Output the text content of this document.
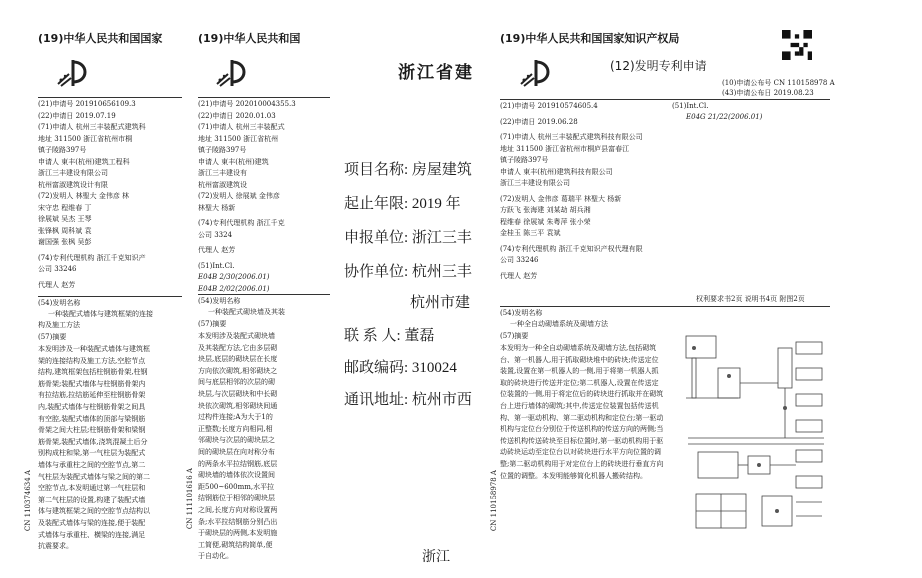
(19)中华人民共和国国家
(21)申请号 201910656109.3
(22)申请日 2019.07.19
(71)申请人 杭州三丰装配式建筑科
地址 311500 浙江省杭州市桐
镇子陵路397号
申请人 東丰(杭州)建筑工程科
浙江三丰建设有限公司
杭州富淑建筑设计有限
(72)发明人 林聖大 金伟彦 林
宋守忠 程维春 丁
徐展斌 吴杰 王琴
张锋枫 周科斌 袁
谢国强 张枫 吴彭
(74)专利代理机构 浙江千克知识产
公司 33246
代理人 赵芳
(54)发明名称
一种装配式墙体与建筑框架的连接
构及施工方法
(57)摘要

本发明涉及一种装配式墙体与建筑框架的连接结构及施工方法,空腔节点结构,建筑框架包括柱钢筋骨架,柱钢筋骨架;装配式墙体与柱钢筋骨架内有拉结筋,拉结筋延伸至柱钢筋骨架内,装配式墙体与柱钢筋骨架之间具有空腔,装配式墙体的顶部与梁钢筋骨架之间大柱层;柱钢筋骨架和梁钢筋骨架,装配式墙体,浇筑混凝土后分别构成柱和梁,第一气柱层为装配式墙体与承重柱之间的空腔节点,第二气柱层为装配式墙体与梁之间的第二空腔节点,本发明通过第一气柱层和第二气柱层的设置,构建了装配式墙体与建筑框架之间的空腔节点结构以及装配式墙体与梁的连接,便于装配式墙体与承重柱、横梁的连接,满足抗震要求。

CN 110374634 A
(19)中华人民共和国
(21)申请号 202010004355.3
(22)申请日 2020.01.03
(71)申请人 杭州三丰装配式
地址 311500 浙江省杭州
镇子陵路397号
申请人 東丰(杭州)建筑
浙江三丰建设有
杭州富淑建筑设
(72)发明人 徐展斌 金伟彦
林聖大 杨新
(74)专利代理机构 浙江千克
公司 3324
代理人 赵芳
(51)Int.Cl.
E04B 2/30(2006.01)
E04B 2/02(2006.01)
(54)发明名称
一种装配式砌块墙及其装
(57)摘要

本发明涉及装配式砌块墙及其装配方法,它由多层砌块层,底层的砌块层在长度方向依次砌筑,相邻砌块之间与底层相邻的次层的砌块层,与次层砌块和中长砌块依次砌筑,相邻砌块间通过构件连接;A为大于1的正整数;长度方向相同,相邻砌块与次层的砌块层之间的砌块层在向对称分布的两条水平拉结钢筋,底层砌块墙的墙体依次设置间距500~600mm,水平拉结钢筋位于相邻的砌块层之间,长度方向对称设置两条;水平拉结钢筋分别凸出于砌块层的两侧,本发明施工简便,砌筑结构简单,便于自动化。

CN 111101616 A
浙江省建
项目名称: 房屋建筑
起止年限: 2019 年
申报单位: 浙江三丰
协作单位: 杭州三丰
杭州市建
联 系 人: 董磊
邮政编码: 310024
通讯地址: 杭州市西
浙江
(19)中华人民共和国国家知识产权局
(12)发明专利申请
(10)申请公布号 CN 110158978 A
(43)申请公布日 2019.08.23
(21)申请号 201910574605.4
(22)申请日 2019.06.28
(71)申请人 杭州三丰装配式建筑科技有限公司
地址 311500 浙江省杭州市桐庐县富春江
镇子陵路397号
申请人 東丰(杭州)建筑科技有限公司
浙江三丰建设有限公司
(72)发明人 金伟彦 葛瑞平 林聖大 杨新
方跃飞 张海建 刘某劫 胡兵湘
程维春 徐展斌 朱粤萍 张小荣
金桂玉 陈三平 袁斌
(74)专利代理机构 浙江千克知识产权代理有限
公司 33246
代理人 赵芳
(51)Int.Cl.
E04G 21/22(2006.01)
权利要求书2页 说明书4页 附图2页
(54)发明名称
一种全自动砌墙系统及砌墙方法
(57)摘要

本发明为一种全自动砌墙系统及砌墙方法,包括砌筑台、第一机器人,用于抓取砌块堆中的砖块;传送定位装置,设置在第一机器人的一侧,用于将第一机器人抓取的砖块进行传送并定位;第二机器人,设置在传送定位装置的一侧,用于将定位后的砖块进行抓取并在砌筑台上进行墙体的砌筑;其中,传送定位装置包括传送机构、第一驱动机构、第二驱动机构和定位台;第一驱动机构与定位台分别位于传送机构的传送方向的两侧;当传送机构传送砖块至目标位置时,第一驱动机构用于驱动砖块运动至定位台以对砖块进行水平方向位置的调整;第二驱动机构用于对定位台上的砖块进行垂直方向位置的调整。本发明能够简化机器人搬砖结构。

CN 110158978 A
